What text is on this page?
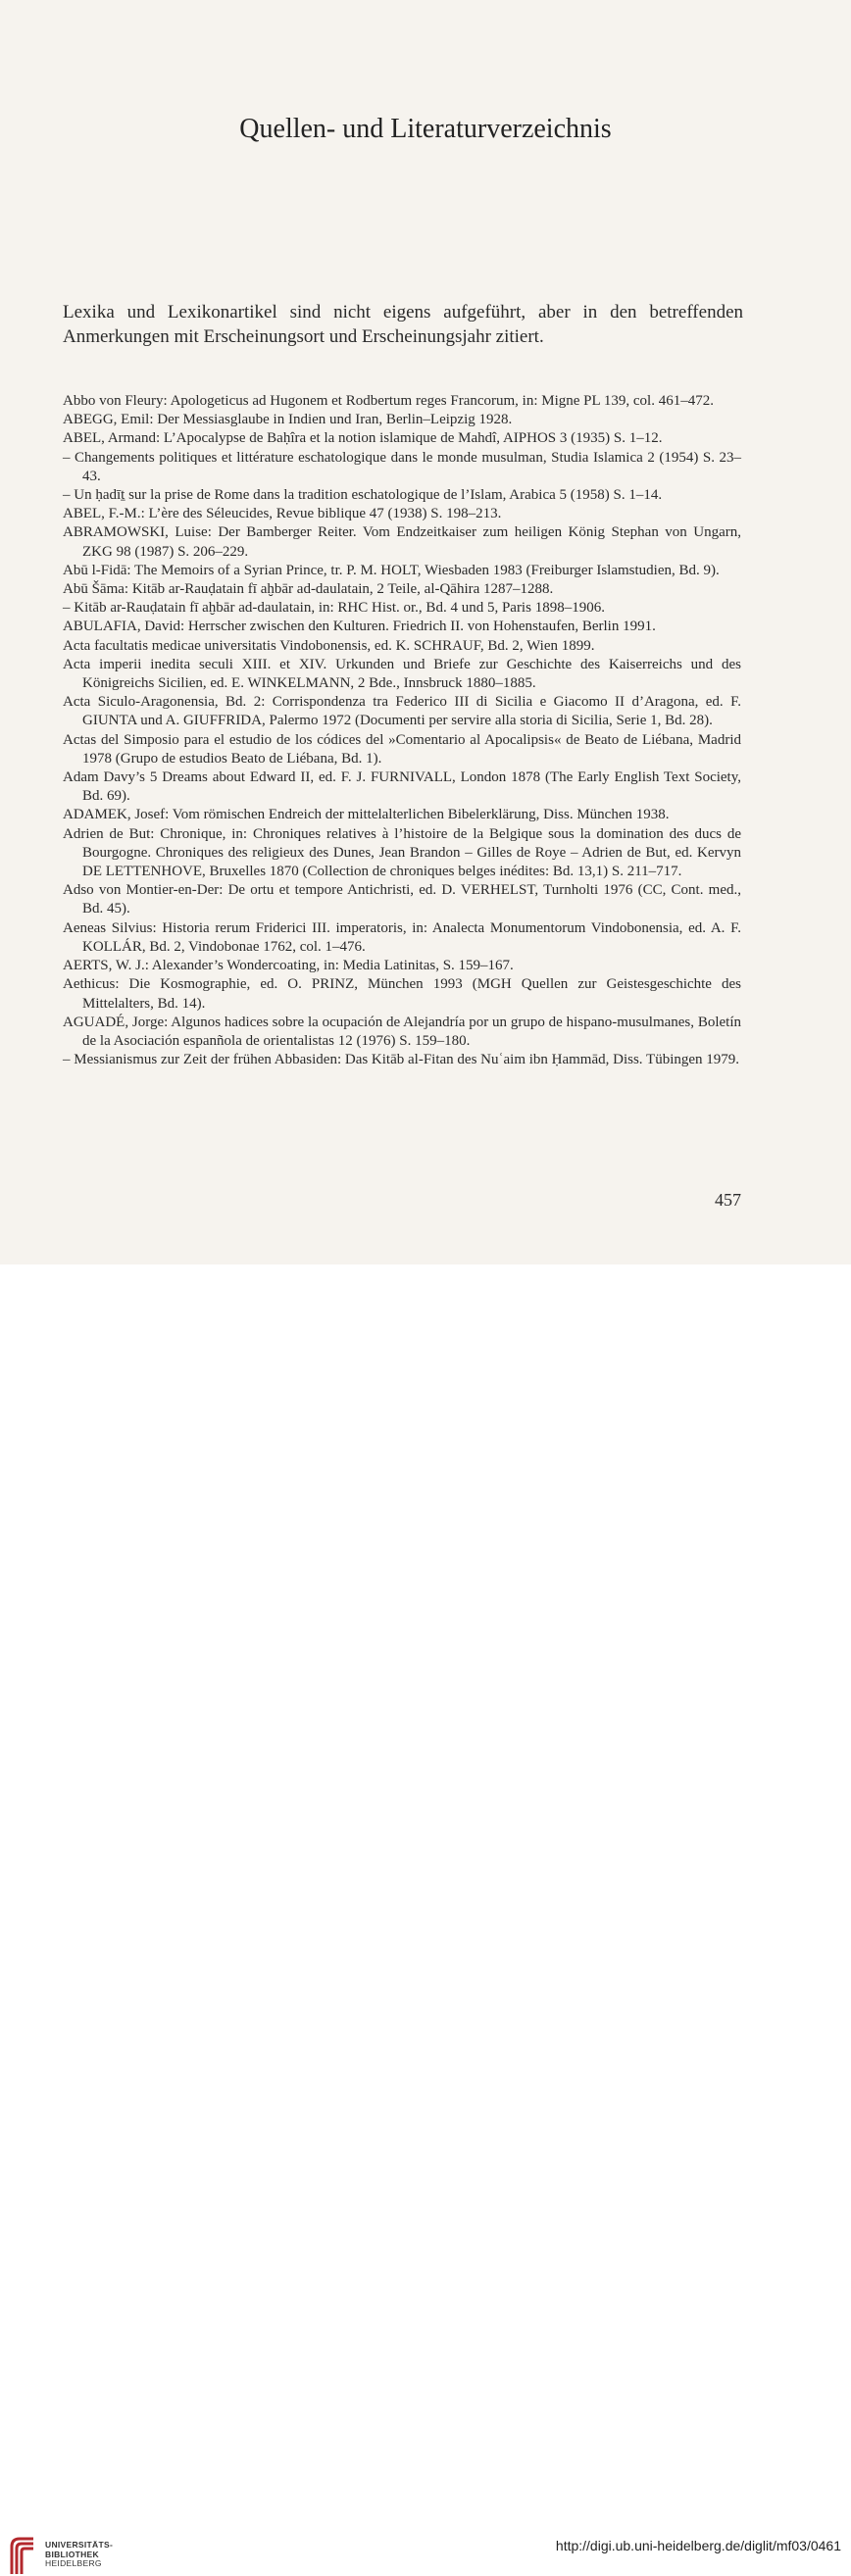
Quellen- und Literaturverzeichnis
Lexika und Lexikonartikel sind nicht eigens aufgeführt, aber in den betreffenden Anmerkungen mit Erscheinungsort und Erscheinungsjahr zitiert.

Abbo von Fleury: Apologeticus ad Hugonem et Rodbertum reges Francorum, in: Migne PL 139, col. 461–472.

ABEGG, Emil: Der Messiasglaube in Indien und Iran, Berlin–Leipzig 1928.

ABEL, Armand: L’Apocalypse de Baḥîra et la notion islamique de Mahdî, AIPHOS 3 (1935) S. 1–12.

– Changements politiques et littérature eschatologique dans le monde musulman, Studia Islamica 2 (1954) S. 23–43.

– Un ḥadīṯ sur la prise de Rome dans la tradition eschatologique de l’Islam, Arabica 5 (1958) S. 1–14.

ABEL, F.-M.: L’ère des Séleucides, Revue biblique 47 (1938) S. 198–213.

ABRAMOWSKI, Luise: Der Bamberger Reiter. Vom Endzeitkaiser zum heiligen König Stephan von Ungarn, ZKG 98 (1987) S. 206–229.

Abū l-Fidā: The Memoirs of a Syrian Prince, tr. P. M. HOLT, Wiesbaden 1983 (Freiburger Islamstudien, Bd. 9).

Abū Šāma: Kitāb ar-Rauḍatain fī aḫbār ad-daulatain, 2 Teile, al-Qāhira 1287–1288.

– Kitāb ar-Rauḍatain fī aḫbār ad-daulatain, in: RHC Hist. or., Bd. 4 und 5, Paris 1898–1906.

ABULAFIA, David: Herrscher zwischen den Kulturen. Friedrich II. von Hohenstaufen, Berlin 1991.

Acta facultatis medicae universitatis Vindobonensis, ed. K. SCHRAUF, Bd. 2, Wien 1899.

Acta imperii inedita seculi XIII. et XIV. Urkunden und Briefe zur Geschichte des Kaiserreichs und des Königreichs Sicilien, ed. E. WINKELMANN, 2 Bde., Innsbruck 1880–1885.

Acta Siculo-Aragonensia, Bd. 2: Corrispondenza tra Federico III di Sicilia e Giacomo II d’Aragona, ed. F. GIUNTA und A. GIUFFRIDA, Palermo 1972 (Documenti per servire alla storia di Sicilia, Serie 1, Bd. 28).

Actas del Simposio para el estudio de los códices del »Comentario al Apocalipsis« de Beato de Liébana, Madrid 1978 (Grupo de estudios Beato de Liébana, Bd. 1).

Adam Davy’s 5 Dreams about Edward II, ed. F. J. FURNIVALL, London 1878 (The Early English Text Society, Bd. 69).

ADAMEK, Josef: Vom römischen Endreich der mittelalterlichen Bibelerklärung, Diss. München 1938.

Adrien de But: Chronique, in: Chroniques relatives à l’histoire de la Belgique sous la domination des ducs de Bourgogne. Chroniques des religieux des Dunes, Jean Brandon – Gilles de Roye – Adrien de But, ed. Kervyn DE LETTENHOVE, Bruxelles 1870 (Collection de chroniques belges inédites: Bd. 13,1) S. 211–717.

Adso von Montier-en-Der: De ortu et tempore Antichristi, ed. D. VERHELST, Turnholti 1976 (CC, Cont. med., Bd. 45).

Aeneas Silvius: Historia rerum Friderici III. imperatoris, in: Analecta Monumentorum Vindobonensia, ed. A. F. KOLLÁR, Bd. 2, Vindobonae 1762, col. 1–476.

AERTS, W. J.: Alexander’s Wondercoating, in: Media Latinitas, S. 159–167.

Aethicus: Die Kosmographie, ed. O. PRINZ, München 1993 (MGH Quellen zur Geistesgeschichte des Mittelalters, Bd. 14).

AGUADÉ, Jorge: Algunos hadices sobre la ocupación de Alejandría por un grupo de hispano-musulmanes, Boletín de la Asociación espanñola de orientalistas 12 (1976) S. 159–180.

– Messianismus zur Zeit der frühen Abbasiden: Das Kitāb al-Fitan des Nuʿaim ibn Ḥammād, Diss. Tübingen 1979.

457
UNIVERSITÄTS-
BIBLIOTHEK
HEIDELBERG
http://digi.ub.uni-heidelberg.de/diglit/mf03/0461
